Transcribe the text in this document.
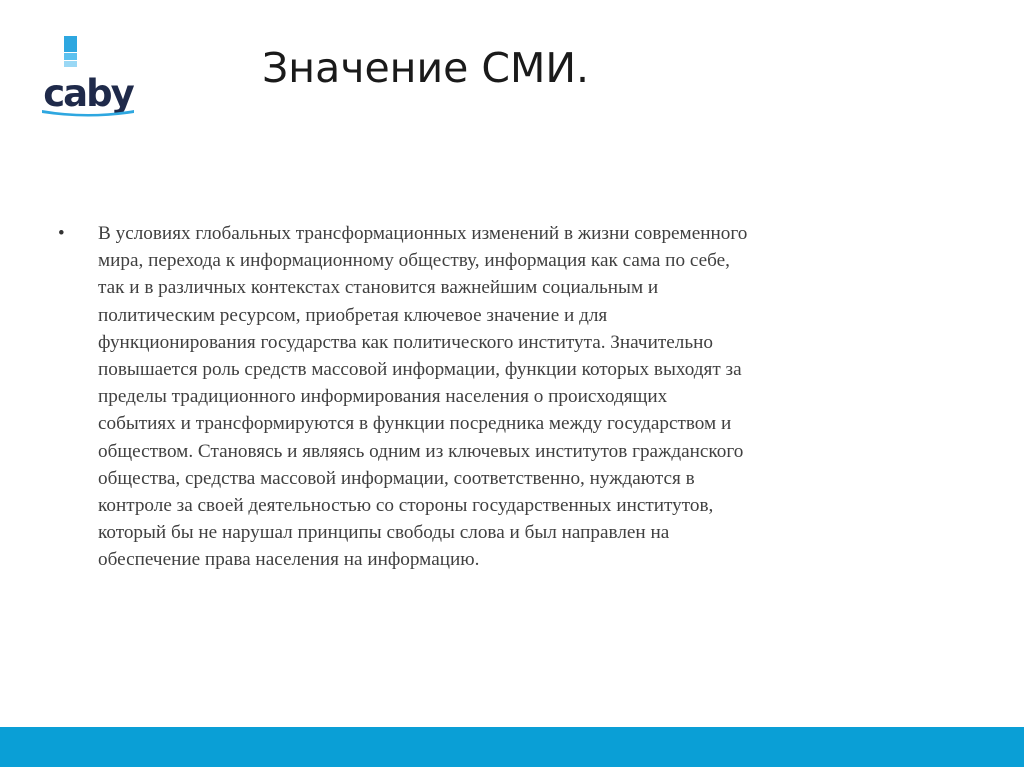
caby
Значение СМИ.
• В условиях глобальных трансформационных изменений в жизни современного
мира, перехода к информационному обществу, информация как сама по себе,
так и в различных контекстах становится важнейшим социальным и
политическим ресурсом, приобретая ключевое значение и для
функционирования государства как политического института. Значительно
повышается роль средств массовой информации, функции которых выходят за
пределы традиционного информирования населения о происходящих
событиях и трансформируются в функции посредника между государством и
обществом. Становясь и являясь одним из ключевых институтов гражданского
общества, средства массовой информации, соответственно, нуждаются в
контроле за своей деятельностью со стороны государственных институтов,
который бы не нарушал принципы свободы слова и был направлен на
обеспечение права населения на информацию.
